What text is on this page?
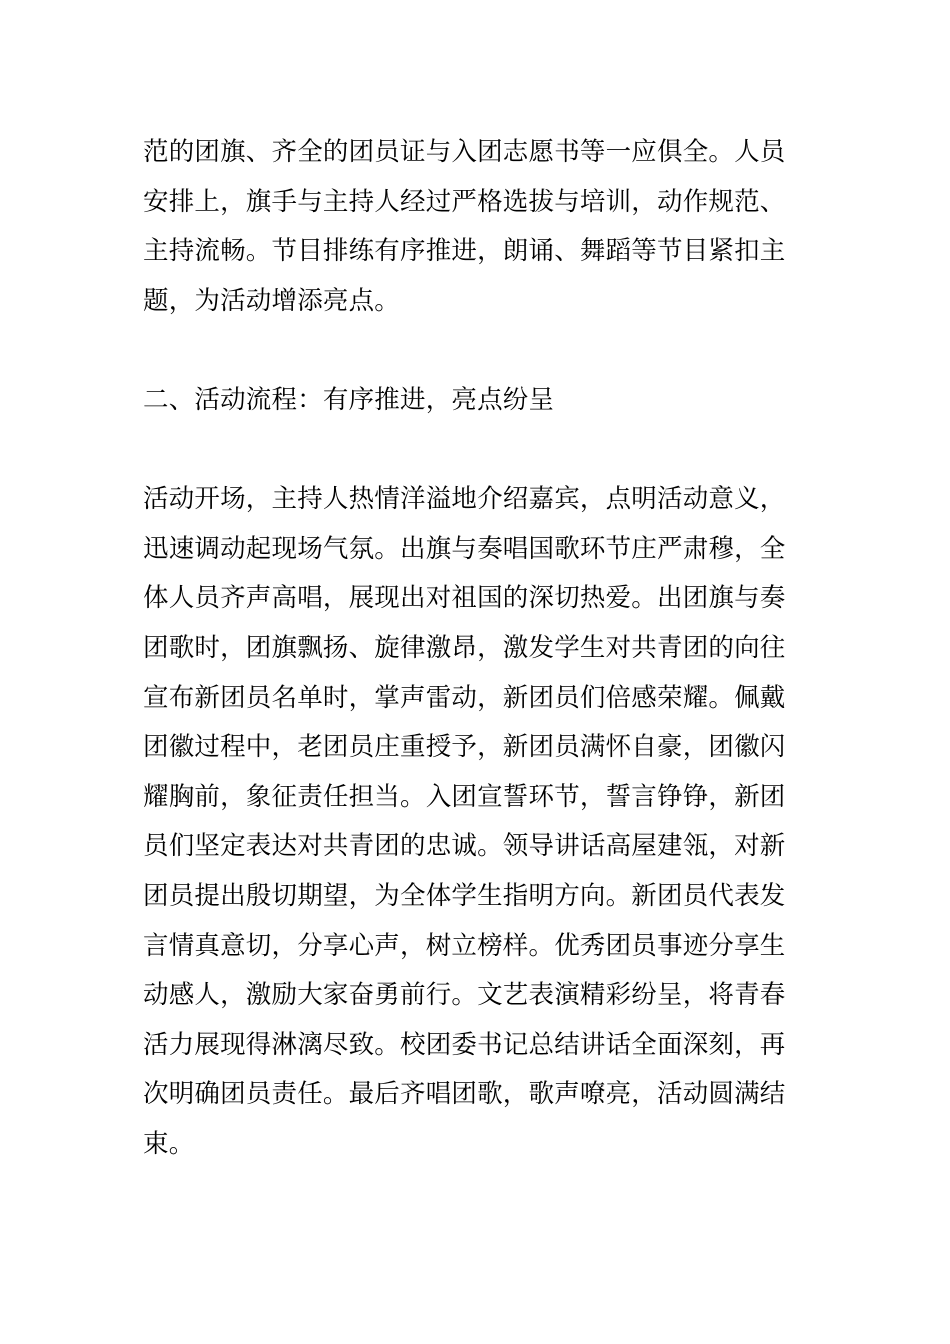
范的团旗、齐全的团员证与入团志愿书等一应俱全。人员
安排上，旗手与主持人经过严格选拔与培训，动作规范、
主持流畅。节目排练有序推进，朗诵、舞蹈等节目紧扣主
题，为活动增添亮点。
二、活动流程：有序推进，亮点纷呈
活动开场，主持人热情洋溢地介绍嘉宾，点明活动意义，
迅速调动起现场气氛。出旗与奏唱国歌环节庄严肃穆，全
体人员齐声高唱，展现出对祖国的深切热爱。出团旗与奏
团歌时，团旗飘扬、旋律激昂，激发学生对共青团的向往
宣布新团员名单时，掌声雷动，新团员们倍感荣耀。佩戴
团徽过程中，老团员庄重授予，新团员满怀自豪，团徽闪
耀胸前，象征责任担当。入团宣誓环节，誓言铮铮，新团
员们坚定表达对共青团的忠诚。领导讲话高屋建瓴，对新
团员提出殷切期望，为全体学生指明方向。新团员代表发
言情真意切，分享心声，树立榜样。优秀团员事迹分享生
动感人，激励大家奋勇前行。文艺表演精彩纷呈，将青春
活力展现得淋漓尽致。校团委书记总结讲话全面深刻，再
次明确团员责任。最后齐唱团歌，歌声嘹亮，活动圆满结
束。
